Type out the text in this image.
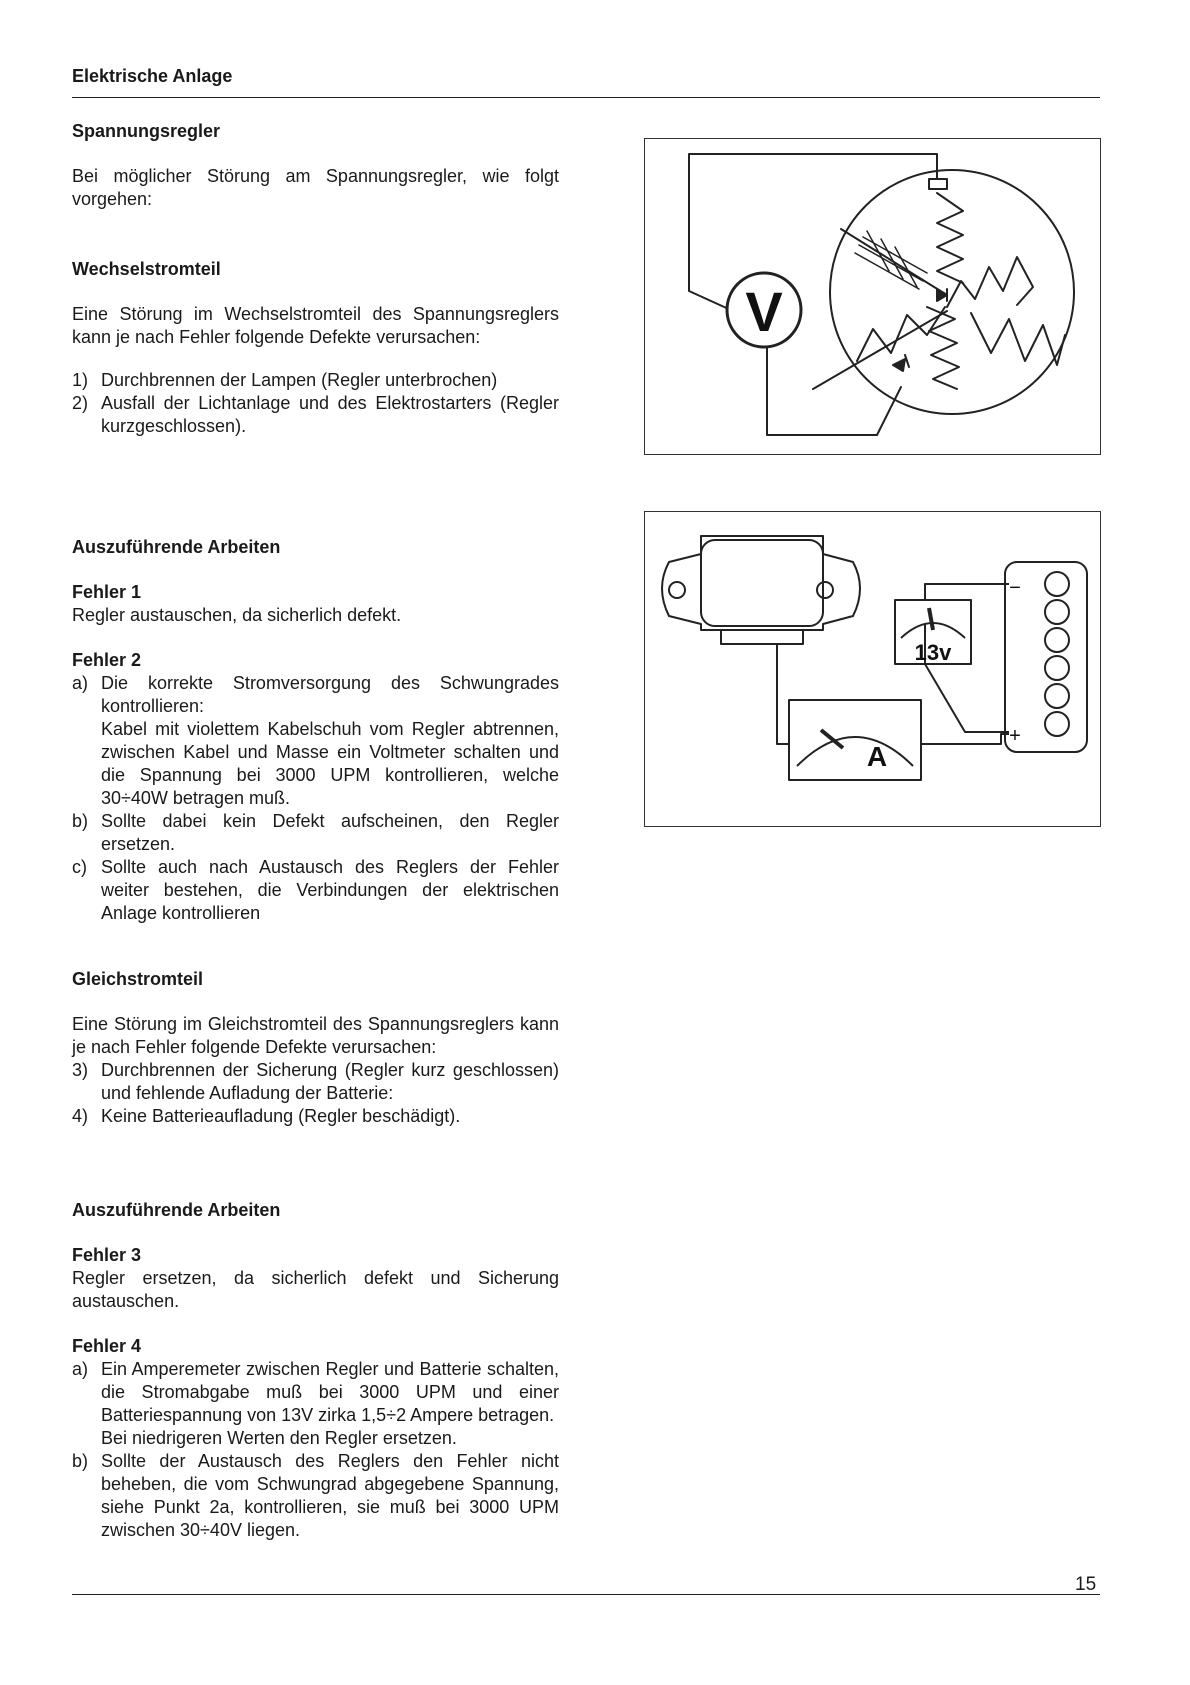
Elektrische Anlage
Spannungsregler
Bei möglicher Störung am Spannungsregler, wie folgt vorgehen:
Wechselstromteil
Eine Störung im Wechselstromteil des Spannungsreglers kann je nach Fehler folgende Defekte verursachen:
1) Durchbrennen der Lampen (Regler unterbrochen)
2) Ausfall der Lichtanlage und des Elektrostarters (Regler kurzgeschlossen).
Auszuführende Arbeiten
Fehler 1
Regler austauschen, da sicherlich defekt.
Fehler 2
a) Die korrekte Stromversorgung des Schwungrades kontrollieren:
Kabel mit violettem Kabelschuh vom Regler abtrennen, zwischen Kabel und Masse ein Voltmeter schalten und die Spannung bei 3000 UPM kontrollieren, welche 30÷40W betragen muß.
b) Sollte dabei kein Defekt aufscheinen, den Regler ersetzen.
c) Sollte auch nach Austausch des Reglers der Fehler weiter bestehen, die Verbindungen der elektrischen Anlage kontrollieren
Gleichstromteil
Eine Störung im Gleichstromteil des Spannungsreglers kann je nach Fehler folgende Defekte verursachen:
3) Durchbrennen der Sicherung (Regler kurz geschlossen) und fehlende Aufladung der Batterie:
4) Keine Batterieaufladung (Regler beschädigt).
Auszuführende Arbeiten
Fehler 3
Regler ersetzen, da sicherlich defekt und Sicherung austauschen.
Fehler 4
a) Ein Amperemeter zwischen Regler und Batterie schalten, die Stromabgabe muß bei 3000 UPM und einer Batteriespannung von 13V zirka 1,5÷2 Ampere betragen.
Bei niedrigeren Werten den Regler ersetzen.
b) Sollte der Austausch des Reglers den Fehler nicht beheben, die vom Schwungrad abgegebene Spannung, siehe Punkt 2a, kontrollieren, sie muß bei 3000 UPM zwischen 30÷40V liegen.
V
13v
A
−
+
15
